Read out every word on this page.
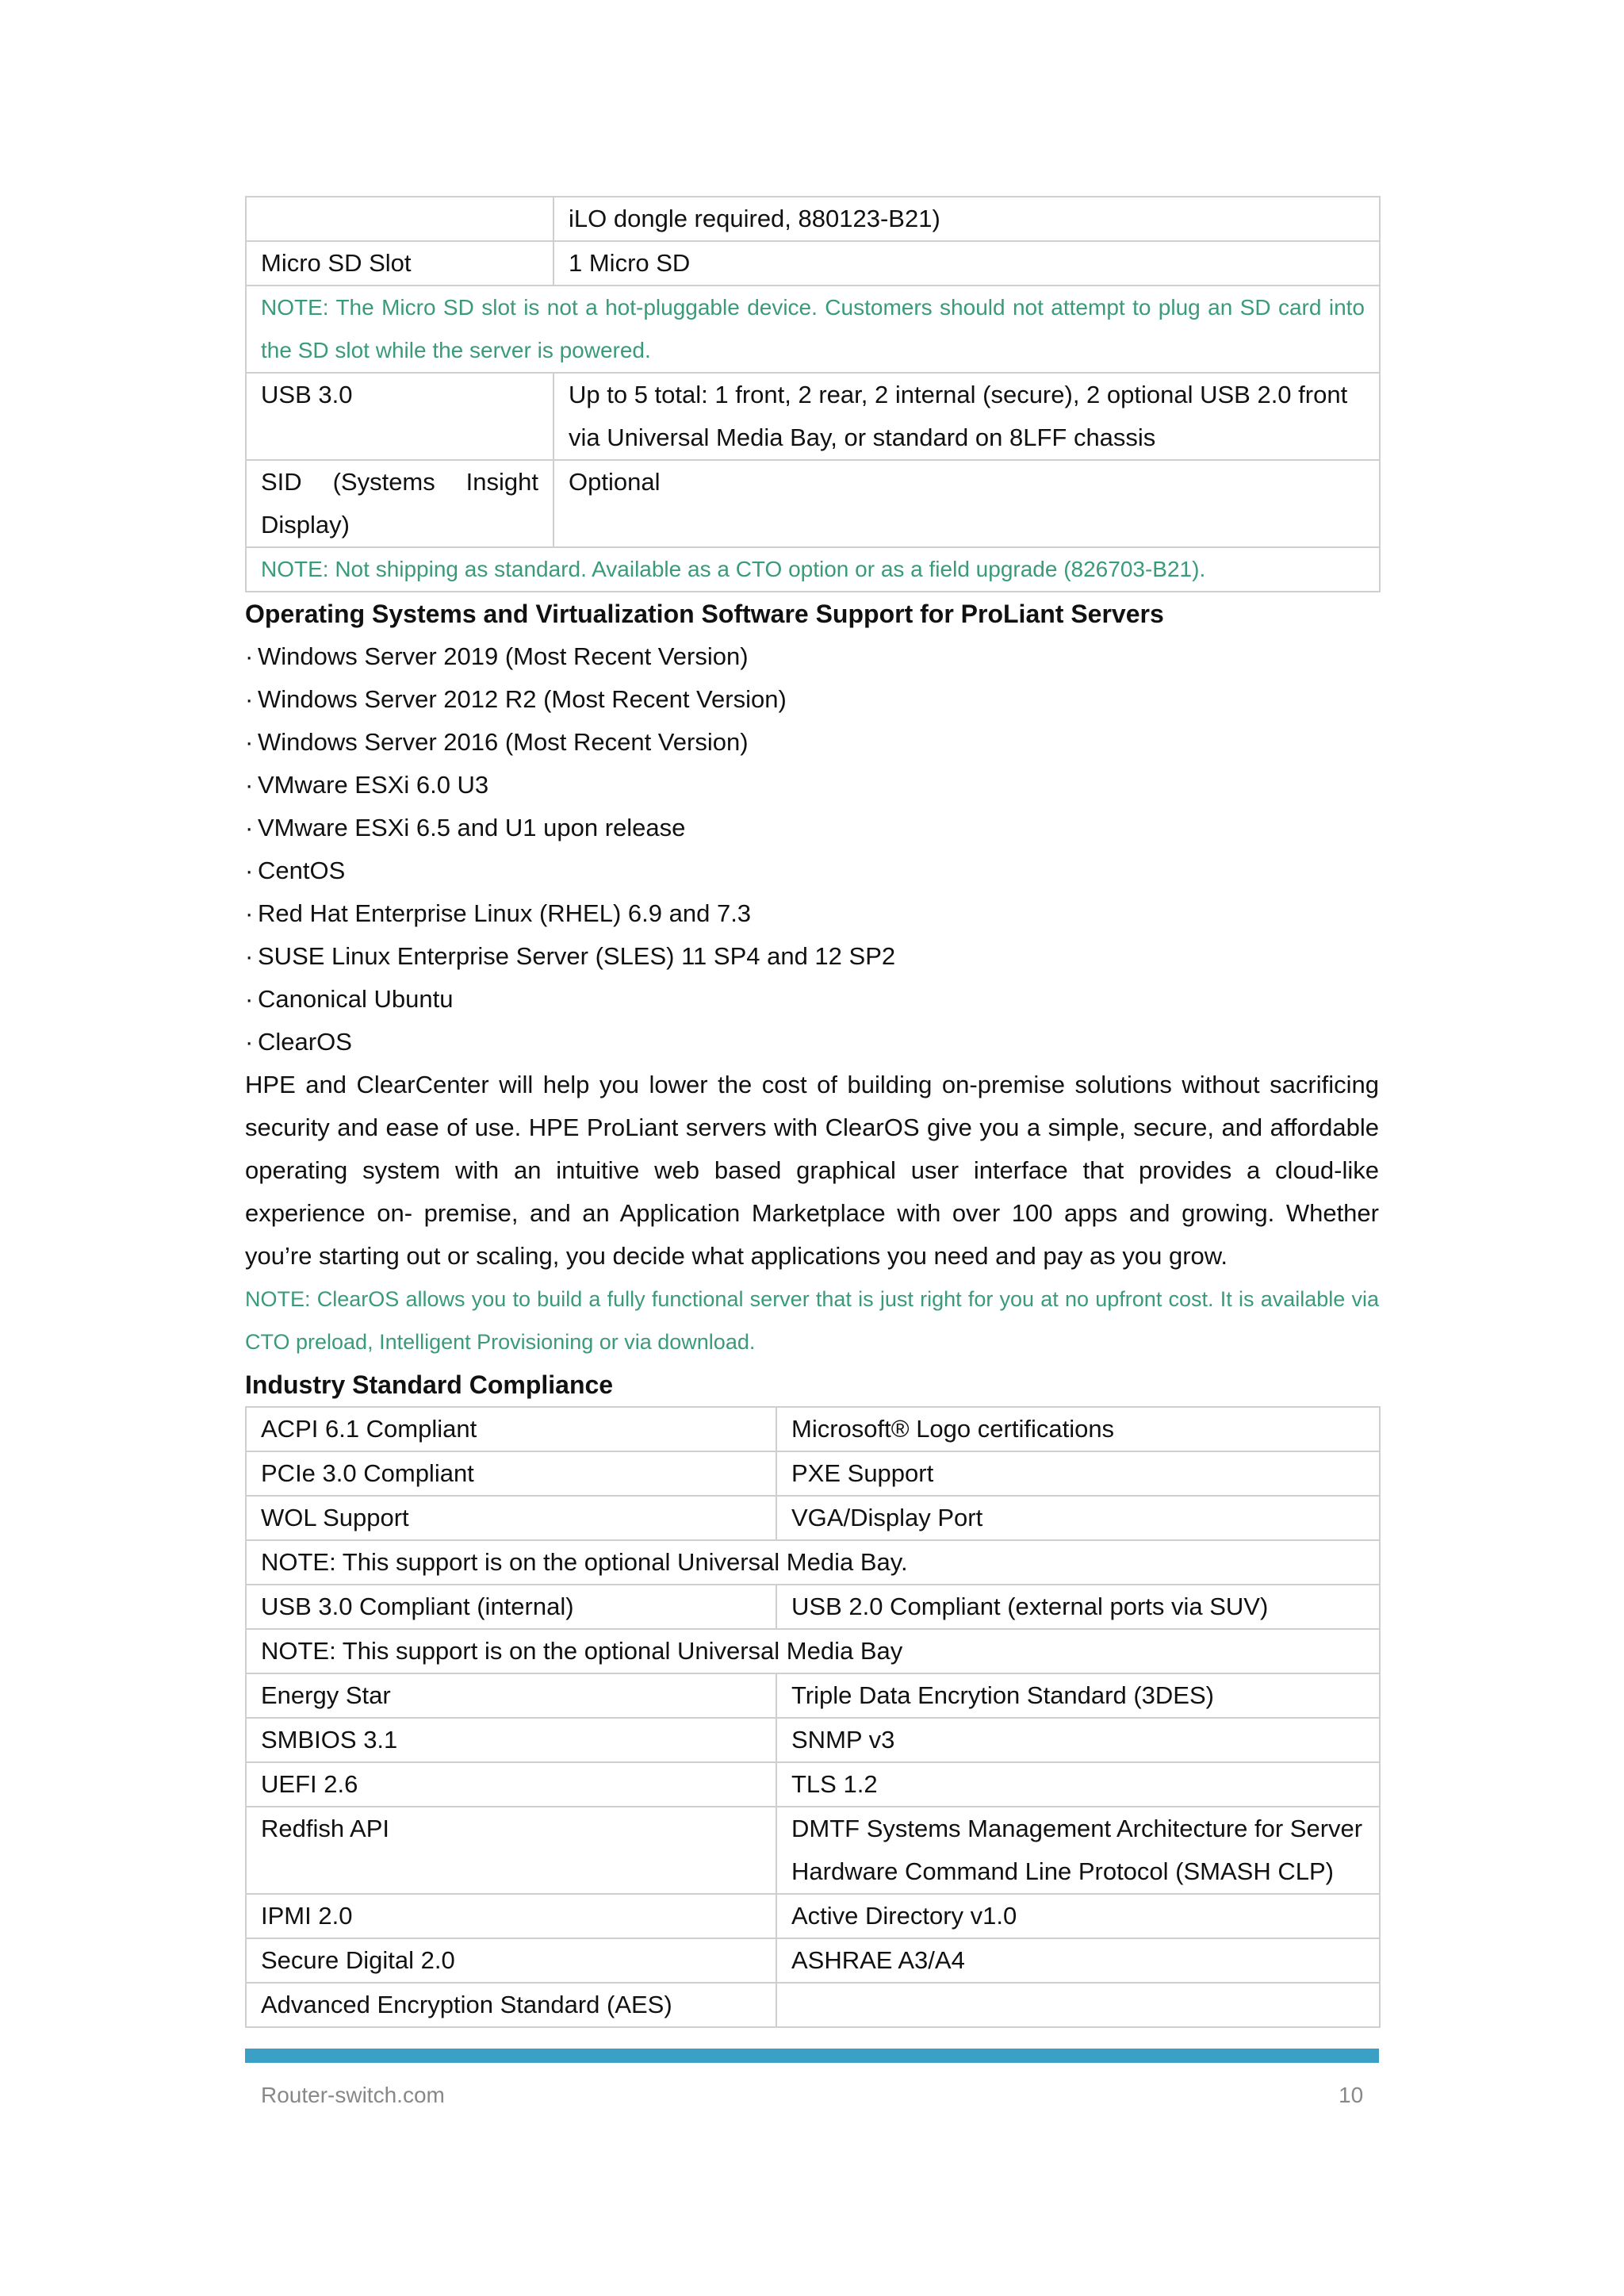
	iLO dongle required, 880123-B21)
Micro SD Slot	1 Micro SD
NOTE: The Micro SD slot is not a hot-pluggable device. Customers should not attempt to plug an SD card into the SD slot while the server is powered.	
USB 3.0	Up to 5 total: 1 front, 2 rear, 2 internal (secure), 2 optional USB 2.0 front via Universal Media Bay, or standard on 8LFF chassis
SID (Systems Insight Display)	Optional
NOTE: Not shipping as standard. Available as a CTO option or as a field upgrade (826703-B21).	
Operating Systems and Virtualization Software Support for ProLiant Servers
· Windows Server 2019 (Most Recent Version)
· Windows Server 2012 R2 (Most Recent Version)
· Windows Server 2016 (Most Recent Version)
· VMware ESXi 6.0 U3
· VMware ESXi 6.5 and U1 upon release
· CentOS
· Red Hat Enterprise Linux (RHEL) 6.9 and 7.3
· SUSE Linux Enterprise Server (SLES) 11 SP4 and 12 SP2
· Canonical Ubuntu
· ClearOS

HPE and ClearCenter will help you lower the cost of building on-premise solutions without sacrificing security and ease of use. HPE ProLiant servers with ClearOS give you a simple, secure, and affordable operating system with an intuitive web based graphical user interface that provides a cloud-like experience on- premise, and an Application Marketplace with over 100 apps and growing. Whether you’re starting out or scaling, you decide what applications you need and pay as you grow.

NOTE: ClearOS allows you to build a fully functional server that is just right for you at no upfront cost. It is available via CTO preload, Intelligent Provisioning or via download.

Industry Standard Compliance
ACPI 6.1 Compliant	Microsoft® Logo certifications
PCIe 3.0 Compliant	PXE Support
WOL Support	VGA/Display Port
NOTE: This support is on the optional Universal Media Bay.	
USB 3.0 Compliant (internal)	USB 2.0 Compliant (external ports via SUV)
NOTE: This support is on the optional Universal Media Bay	
Energy Star	Triple Data Encrytion Standard (3DES)
SMBIOS 3.1	SNMP v3
UEFI 2.6	TLS 1.2
Redfish API	DMTF Systems Management Architecture for Server Hardware Command Line Protocol (SMASH CLP)
IPMI 2.0	Active Directory v1.0
Secure Digital 2.0	ASHRAE A3/A4
Advanced Encryption Standard (AES)	
Router-switch.com	10
